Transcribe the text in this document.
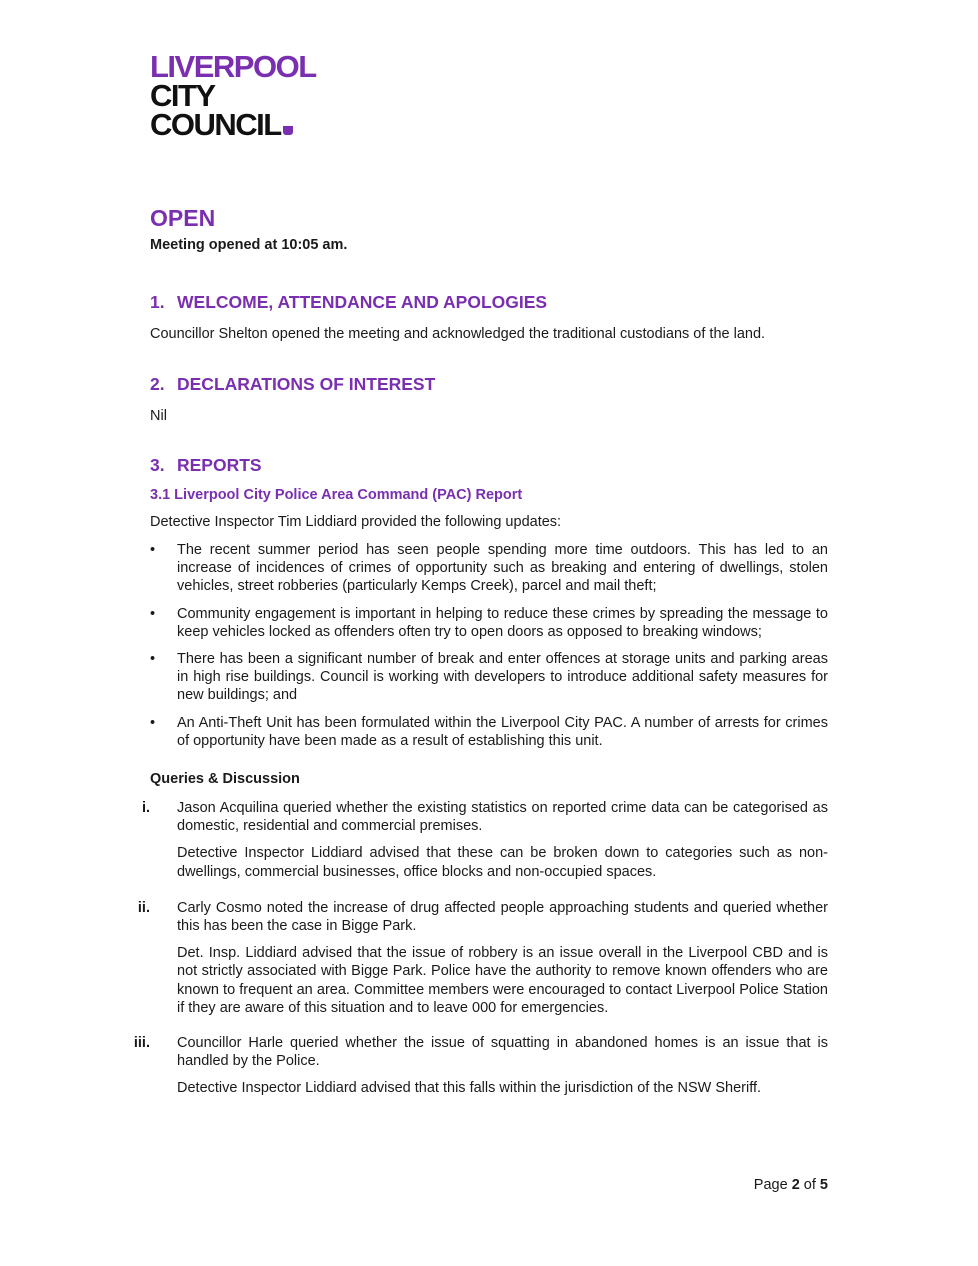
LIVERPOOL
CITY
COUNCIL
OPEN

Meeting opened at 10:05 am.

1. WELCOME, ATTENDANCE AND APOLOGIES

Councillor Shelton opened the meeting and acknowledged the traditional custodians of the land.

2. DECLARATIONS OF INTEREST

Nil

3. REPORTS
3.1 Liverpool City Police Area Command (PAC) Report

Detective Inspector Tim Liddiard provided the following updates:

• The recent summer period has seen people spending more time outdoors. This has led to an increase of incidences of crimes of opportunity such as breaking and entering of dwellings, stolen vehicles, street robberies (particularly Kemps Creek), parcel and mail theft;
• Community engagement is important in helping to reduce these crimes by spreading the message to keep vehicles locked as offenders often try to open doors as opposed to breaking windows;
• There has been a significant number of break and enter offences at storage units and parking areas in high rise buildings. Council is working with developers to introduce additional safety measures for new buildings; and
• An Anti-Theft Unit has been formulated within the Liverpool City PAC. A number of arrests for crimes of opportunity have been made as a result of establishing this unit.

Queries & Discussion

i.	Jason Acquilina queried whether the existing statistics on reported crime data can be categorised as domestic, residential and commercial premises.

Detective Inspector Liddiard advised that these can be broken down to categories such as non-dwellings, commercial businesses, office blocks and non-occupied spaces.

ii.	Carly Cosmo noted the increase of drug affected people approaching students and queried whether this has been the case in Bigge Park.

Det. Insp. Liddiard advised that the issue of robbery is an issue overall in the Liverpool CBD and is not strictly associated with Bigge Park. Police have the authority to remove known offenders who are known to frequent an area. Committee members were encouraged to contact Liverpool Police Station if they are aware of this situation and to leave 000 for emergencies.

iii.	Councillor Harle queried whether the issue of squatting in abandoned homes is an issue that is handled by the Police.

Detective Inspector Liddiard advised that this falls within the jurisdiction of the NSW Sheriff.

Page 2 of 5
